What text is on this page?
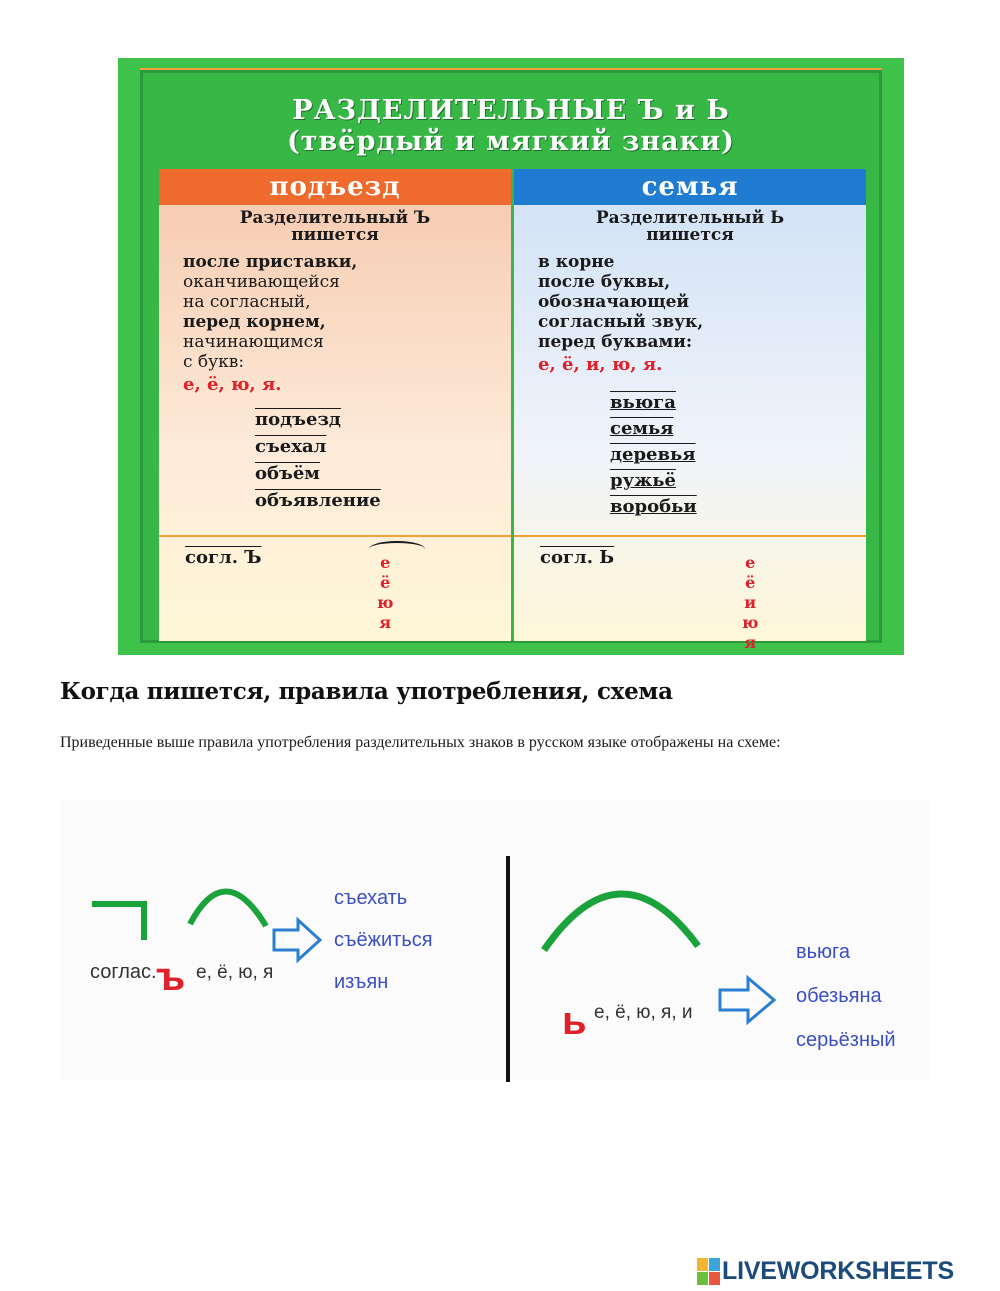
РАЗДЕЛИТЕЛЬНЫЕ Ъ и Ь
(твёрдый и мягкий знаки)
подъезд
Разделительный Ъ
пишется
после приставки,
оканчивающейся
на согласный,
перед корнем,
начинающимся
с букв:
е, ё, ю, я.
подъезд
съехал
объём
объявление
согл. Ъ	е
ё
ю
я
семья
Разделительный Ь
пишется
в корне
после буквы,
обозначающей
согласный звук,
перед буквами:
е, ё, и, ю, я.
вьюга
семья
деревья
ружьё
воробьи
согл. Ь	е
ё
и
ю
я
Когда пишется, правила употребления, схема

Приведенные выше правила употребления разделительных знаков в русском языке отображены на схеме:

соглас. ъ е, ё, ю, я
съехать
съёжиться
изъян
ь е, ё, ю, я, и
вьюга
обезьяна
серьёзный
LIVEWORKSHEETS
